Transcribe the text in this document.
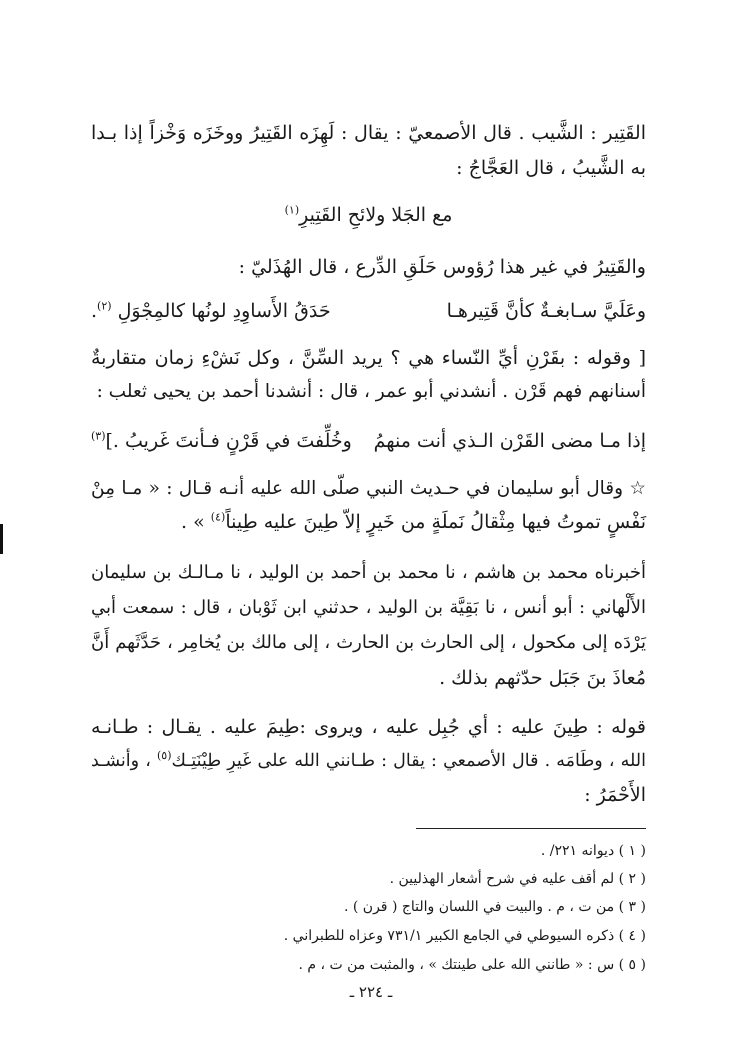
القَتِير : الشَّيب . قال الأصمعيّ : يقال : لَهِزَه القَتِيرُ ووخَزَه وَخْزاً إذا بـدا
به الشَّيبُ ، قال العَجَّاجُ :
مع الجَلا ولائحِ القَتِيرِ$^{(١)}$
والقَتِيرُ في غير هذا رُؤوس حَلَقِ الدِّرع ، قال الهُذَليّ :
وعَلَيَّ سـابغـةٌ كأنَّ قَتِيرهـا
حَدَقُ الأَساوِدِ لونُها كالمِجْوَلِ $^{(٢)}$.
[ وقوله : بقَرْنِ أيِّ النّساء هي ؟ يريد السِّنَّ ، وكل نَشْءِ زمان متقاربةٌ
أسنانهم فهم قَرْن . أنشدني أبو عمر ، قال : أنشدنا أحمد بن يحيى ثعلب :
إذا مـا مضى القَرْن الـذي أنت منهمُ
وخُلِّفتَ في قَرْنٍ فـأنتَ غَريبُ .]$^{(٣)}$
☆ وقال أبو سليمان في حـديث النبي صلّى الله عليه أنـه قـال : « مـا مِنْ
نَفْسٍ تموتُ فيها مِثْقالُ نَملَةٍ من خَيرٍ إلاّ طِينَ عليه طِيناً$^{(٤)}$ » .
أخبرناه محمد بن هاشم ، نا محمد بن أحمد بن الوليد ، نا مـالـك بن سليمان
الأَلْهاني : أبو أنس ، نا بَقِيَّة بن الوليد ، حدثني ابن ثَوْبان ، قال : سمعت أبي
يَرْدَه إلى مكحول ، إلى الحارث بن الحارث ، إلى مالك بن يُخامِر ، حَدَّثَهم أَنَّ
مُعاذَ بنَ جَبَل حدّثهم بذلك .
قوله : طِينَ عليه : أي جُبِل عليه ، ويروى :طِيمَ عليه . يقـال : طـانـه
الله ، وطَامَه . قال الأصمعي : يقال : طـانني الله على غَيرِ طِيْنَتِـك$^{(٥)}$ ، وأنشـد
الأَحْمَرُ :
( ١ ) ديوانه ٢٢١/ .
( ٢ ) لم أقف عليه في شرح أشعار الهذليين .
( ٣ ) من ت ، م . والبيت في اللسان والتاج ( قرن ) .
( ٤ ) ذكره السيوطي في الجامع الكبير ٧٣١/١ وعزاه للطبراني .
( ٥ ) س : « طانني الله على طينتك » ، والمثبت من ت ، م .
ـ ٢٢٤ ـ
